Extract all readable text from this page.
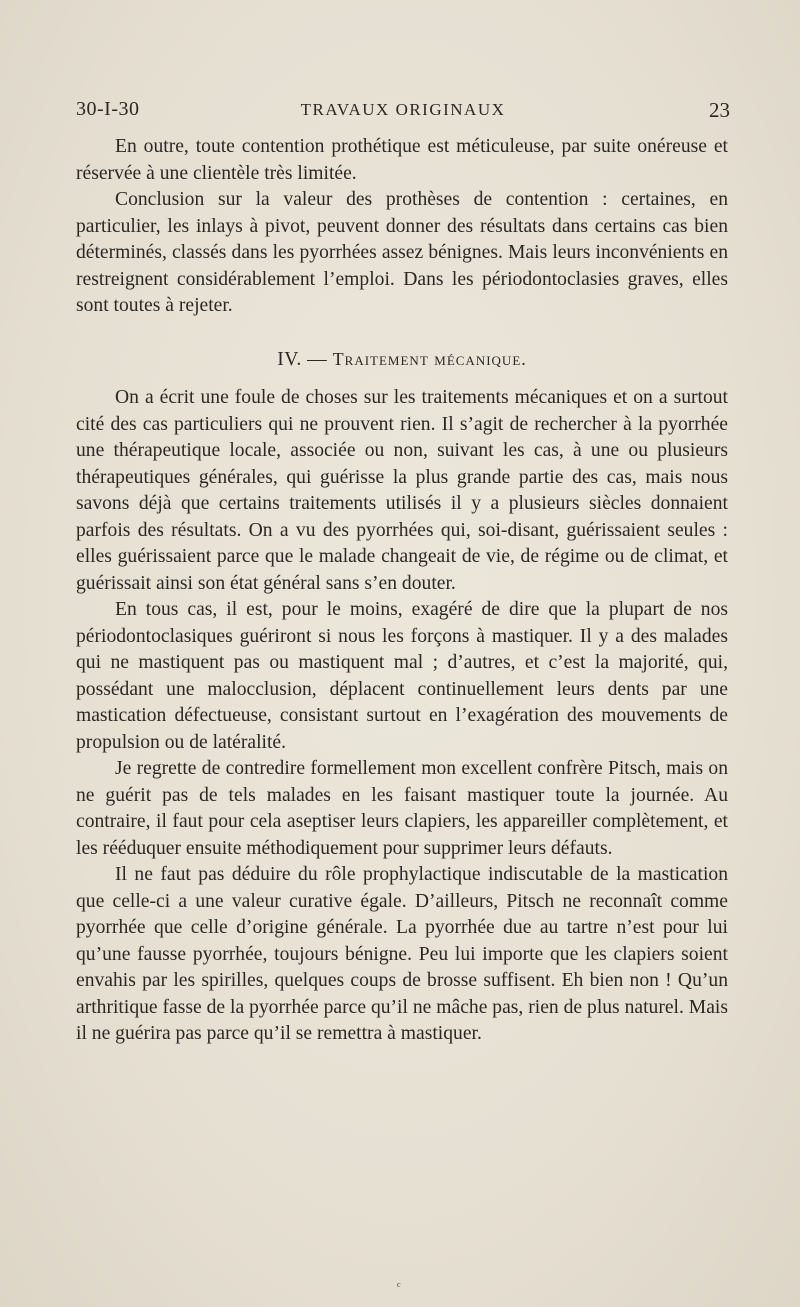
30-I-30	TRAVAUX ORIGINAUX	23

En outre, toute contention prothétique est méticuleuse, par suite onéreuse et réservée à une clientèle très limitée.

Conclusion sur la valeur des prothèses de contention : certaines, en particulier, les inlays à pivot, peuvent donner des résultats dans certains cas bien déterminés, classés dans les pyorrhées assez bénignes. Mais leurs inconvénients en restreignent considérablement l’emploi. Dans les périodontoclasies graves, elles sont toutes à rejeter.

IV. — Traitement mécanique.

On a écrit une foule de choses sur les traitements mécaniques et on a surtout cité des cas particuliers qui ne prouvent rien. Il s’agit de rechercher à la pyorrhée une thérapeutique locale, associée ou non, suivant les cas, à une ou plusieurs thérapeutiques générales, qui guérisse la plus grande partie des cas, mais nous savons déjà que certains traitements utilisés il y a plusieurs siècles donnaient parfois des résultats. On a vu des pyorrhées qui, soi-disant, guérissaient seules : elles guérissaient parce que le malade changeait de vie, de régime ou de climat, et guérissait ainsi son état général sans s’en douter.

En tous cas, il est, pour le moins, exagéré de dire que la plupart de nos périodontoclasiques guériront si nous les forçons à mastiquer. Il y a des malades qui ne mastiquent pas ou mastiquent mal ; d’autres, et c’est la majorité, qui, possédant une malocclusion, déplacent continuellement leurs dents par une mastication défectueuse, consistant surtout en l’exagération des mouvements de propulsion ou de latéralité.

Je regrette de contredire formellement mon excellent confrère Pitsch, mais on ne guérit pas de tels malades en les faisant mastiquer toute la journée. Au contraire, il faut pour cela aseptiser leurs clapiers, les appareiller complètement, et les rééduquer ensuite méthodiquement pour supprimer leurs défauts.

Il ne faut pas déduire du rôle prophylactique indiscutable de la mastication que celle-ci a une valeur curative égale. D’ailleurs, Pitsch ne reconnaît comme pyorrhée que celle d’origine générale. La pyorrhée due au tartre n’est pour lui qu’une fausse pyorrhée, toujours bénigne. Peu lui importe que les clapiers soient envahis par les spirilles, quelques coups de brosse suffisent. Eh bien non ! Qu’un arthritique fasse de la pyorrhée parce qu’il ne mâche pas, rien de plus naturel. Mais il ne guérira pas parce qu’il se remettra à mastiquer.

ᶜ
